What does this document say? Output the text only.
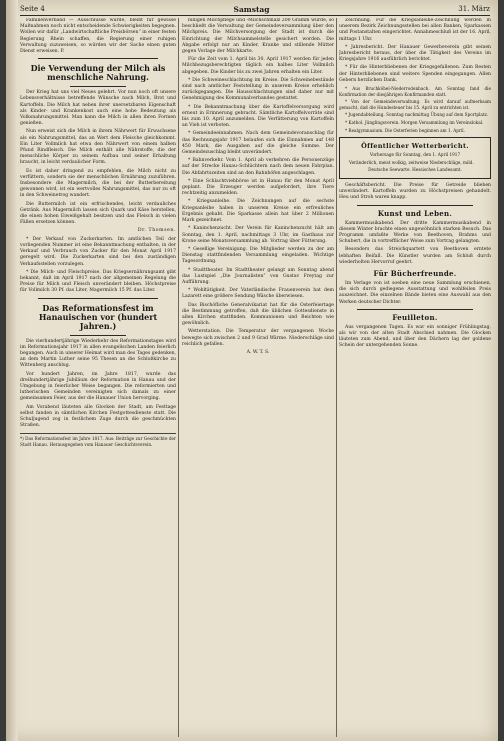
Seite 4	Samstag	31. März

Familienverband — Ausschlüsse würde, bleibt für gewisse Maßnahmen noch nicht entscheidende Schwierigkeiten begegnen. Wollen wir dafür „Landwirtschaftliche Preisbörsen“ in einer festen Regierung Rhein schaffen, die Regierung einer ruhigen Verwaltung zuzuweisen, so würden wir der Sache einen guten Dienst erweisen. P.

Die Verwendung der Milch als menschliche Nahrung.

Der Krieg hat uns viel Neues gelehrt. Vor nun noch oft unsere Lebensverhältnisse betreffende Wünsche nach Milch, Brot und Kartoffeln. Die Milch hat neben ihrer unersetzbaren Eigenschaft als Kinder- und Krankenkost auch eine hohe Bedeutung als Volksnahrungsmittel. Man kann die Milch in allen ihren Formen genießen.

Nun erweist sich die Milch in ihrem Nährwert für Erwachsene als ein Nahrungsmittel, das an Wert dem Fleische gleichkommt. Ein Liter Vollmilch hat etwa den Nährwert von einem halben Pfund Rindfleisch. Die Milch enthält alle Nährstoffe, die der menschliche Körper zu seinem Aufbau und seiner Erhaltung braucht, in leicht verdaulicher Form.

Es ist daher dringend zu empfehlen, die Milch nicht zu verfüttern, sondern sie der menschlichen Ernährung zuzuführen. Insbesondere die Magermilch, die bei der Butterbereitung gewonnen wird, ist ein wertvolles Nahrungsmittel, das nur zu oft in den Schweinetrog wandert.

Die Buttermilch ist ein erfrischendes, leicht verdauliches Getränk. Aus Magermilch lassen sich Quark und Käse herstellen, die einen hohen Eiweißgehalt besitzen und das Fleisch in vielen Fällen ersetzen können.

Dr. Thomsen.

* Der Verkauf von Zuckerkarten. Im amtlichen Teil der vorliegenden Nummer ist eine Bekanntmachung enthalten, in der Verkauf und Verbrauch von Zucker für den Monat April 1917 geregelt wird. Die Zuckerkarten sind bei den zuständigen Verkaufsstellen vorzulegen.

* Die Milch- und Fleischpreise. Das Kriegsernährungsamt gibt bekannt, daß im April 1917 nach der allgemeinen Regelung die Preise für Milch und Fleisch unverändert bleiben. Höchstpreise für Vollmilch 30 Pf. das Liter, Magermilch 15 Pf. das Liter.

Das Reformationsfest im Hanauischen vor (hundert Jahren.)

Die vierhundertjährige Wiederkehr des Reformationstages wird im Reformationsjahr 1917 in allen evangelischen Landen feierlich begangen. Auch in unserer Heimat wird man des Tages gedenken, an dem Martin Luther seine 95 Thesen an die Schloßkirche zu Wittenberg anschlug.

Vor hundert Jahren, im Jahre 1817, wurde das dreihundertjährige Jubiläum der Reformation in Hanau und der Umgebung in feierlicher Weise begangen. Die reformierten und lutherischen Gemeinden vereinigten sich damals zu einer gemeinsamen Feier, aus der die Hanauer Union hervorging.

Am Vorabend läuteten alle Glocken der Stadt, am Festtage selbst fanden in sämtlichen Kirchen Festgottesdienste statt. Die Schuljugend zog in festlichem Zuge durch die geschmückten Straßen.

*) Das Reformationsfest im Jahre 1817. Aus: Beiträge zur Geschichte der Stadt Hanau. Herausgegeben vom Hanauer Geschichtsverein.

billigen Milchpflege und -Milchschmalz 200 Gramm würde, so beschließt die Verwaltung der Gemeindeversammlung über den Milchpreis. Die Milchversorgung der Stadt ist durch die Einrichtung der Milchsammelstelle gesichert worden. Die Abgabe erfolgt nur an Kinder, Kranke und stillende Mütter gegen Vorlage der Milchkarte.

Für die Zeit vom 1. April bis 30. April 1917 werden für jeden Milchbezugsberechtigten täglich ein halbes Liter Vollmilch abgegeben. Die Kinder bis zu zwei Jahren erhalten ein Liter.

* Die Schweineschlachtung im Kreise. Die Schweinebestände sind nach amtlicher Feststellung in unserem Kreise erheblich zurückgegangen. Die Hausschlachtungen sind daher nur mit Genehmigung des Kommunalverbandes gestattet.

* Die Bekanntmachung über die Kartoffelversorgung wird erneut in Erinnerung gebracht. Sämtliche Kartoffelvorräte sind bis zum 10. April anzumelden. Die Verfütterung von Kartoffeln an Vieh ist verboten.

* Gemeindeeinnahmen. Nach dem Gemeindevoranschlag für das Rechnungsjahr 1917 belaufen sich die Einnahmen auf 148 450 Mark, die Ausgaben auf die gleiche Summe. Der Gemeindezuschlag bleibt unverändert.

* Bahnverkehr. Vom 1. April ab verkehren die Personenzüge auf der Strecke Hanau–Schlüchtern nach dem neuen Fahrplan. Die Abfahrtszeiten sind an den Bahnhöfen angeschlagen.

* Eine Schlachtviehbörse ist in Hanau für den Monat April geplant. Die Erzeuger werden aufgefordert, ihre Tiere rechtzeitig anzumelden.

* Kriegsanleihe. Die Zeichnungen auf die sechste Kriegsanleihe haben in unserem Kreise ein erfreuliches Ergebnis gehabt. Die Sparkasse allein hat über 2 Millionen Mark gezeichnet.

* Kaninchenzucht. Der Verein für Kaninchenzucht hält am Sonntag, den 1. April, nachmittags 3 Uhr, im Gasthaus zur Krone seine Monatsversammlung ab. Vortrag über Fütterung.

* Gesellige Vereinigung. Die Mitglieder werden zu der am Dienstag stattfindenden Versammlung eingeladen. Wichtige Tagesordnung.

* Stadttheater. Im Stadttheater gelangt am Sonntag abend das Lustspiel „Die Journalisten“ von Gustav Freytag zur Aufführung.

* Wohltätigkeit. Der Vaterländische Frauenverein hat dem Lazarett eine größere Sendung Wäsche überwiesen.

Das Bischöfliche Generalvikariat hat für die Osterfeiertage die Bestimmung getroffen, daß die üblichen Gottesdienste in allen Kirchen stattfinden. Kommunionen und Beichten wie gewöhnlich.

Wetterstation. Die Temperatur der vergangenen Woche bewegte sich zwischen 2 und 9 Grad Wärme. Niederschläge sind reichlich gefallen.

A. W. T. S.

Zeichnung. Für die Kriegsanleihe-Zeichnung werden in unserem Bezirk Zeichnungsstellen bei allen Banken, Sparkassen und Postanstalten eingerichtet. Annahmeschluß ist der 16. April, mittags 1 Uhr.

* Jahresbericht. Der Hanauer Gewerbeverein gibt seinen Jahresbericht heraus, der über die Tätigkeit des Vereins im Kriegsjahre 1916 ausführlich berichtet.

* Für die Hinterbliebenen der Kriegsgefallenen. Zum Besten der Hinterbliebenen sind weitere Spenden eingegangen. Allen Gebern herzlichen Dank.

* Aus Bruchköbel-Niederrodenbach. Am Sonntag fand die Konfirmation der diesjährigen Konfirmanden statt.

* Von der Gemeindeverwaltung. Es wird darauf aufmerksam gemacht, daß die Hundesteuer bis 15. April zu entrichten ist.

* Jugendabteilung. Sonntag nachmittag Übung auf dem Sportplatz.

* Kathol. Jünglingsverein. Morgen Versammlung im Vereinslokal.

* Realgymnasium. Die Osterferien beginnen am 1. April.

Öffentlicher Wetterbericht.

Vorhersage für Sonntag, den 1. April 1917

Veränderlich, meist wolkig, zeitweise Niederschläge, mild.

Deutsche Seewarte. Hessisches Landesamt.

Geschäftsbericht. Die Preise für Getreide blieben unverändert. Kartoffeln wurden zu Höchstpreisen gehandelt. Heu und Stroh waren knapp.

Kunst und Leben.

Kammermusikabend. Der dritte Kammermusikabend in diesem Winter brachte einen ungewöhnlich starken Besuch. Das Programm umfaßte Werke von Beethoven, Brahms und Schubert, die in vortrefflicher Weise zum Vortrag gelangten.

Besonders das Streichquartett von Beethoven erntete lebhaften Beifall. Die Künstler wurden am Schluß durch wiederholten Hervorruf geehrt.

Für Bücherfreunde.

Im Verlage von ist soeben eine neue Sammlung erschienen, die sich durch gediegene Ausstattung und wohlfeilen Preis auszeichnet. Die einzelnen Bände bieten eine Auswahl aus den Werken deutscher Dichter.

Feuilleton.

Aus vergangenen Tagen. Es war ein sonniger Frühlingstag, als wir von der alten Stadt Abschied nahmen. Die Glocken läuteten zum Abend, und über den Dächern lag der goldene Schein der untergehenden Sonne.
